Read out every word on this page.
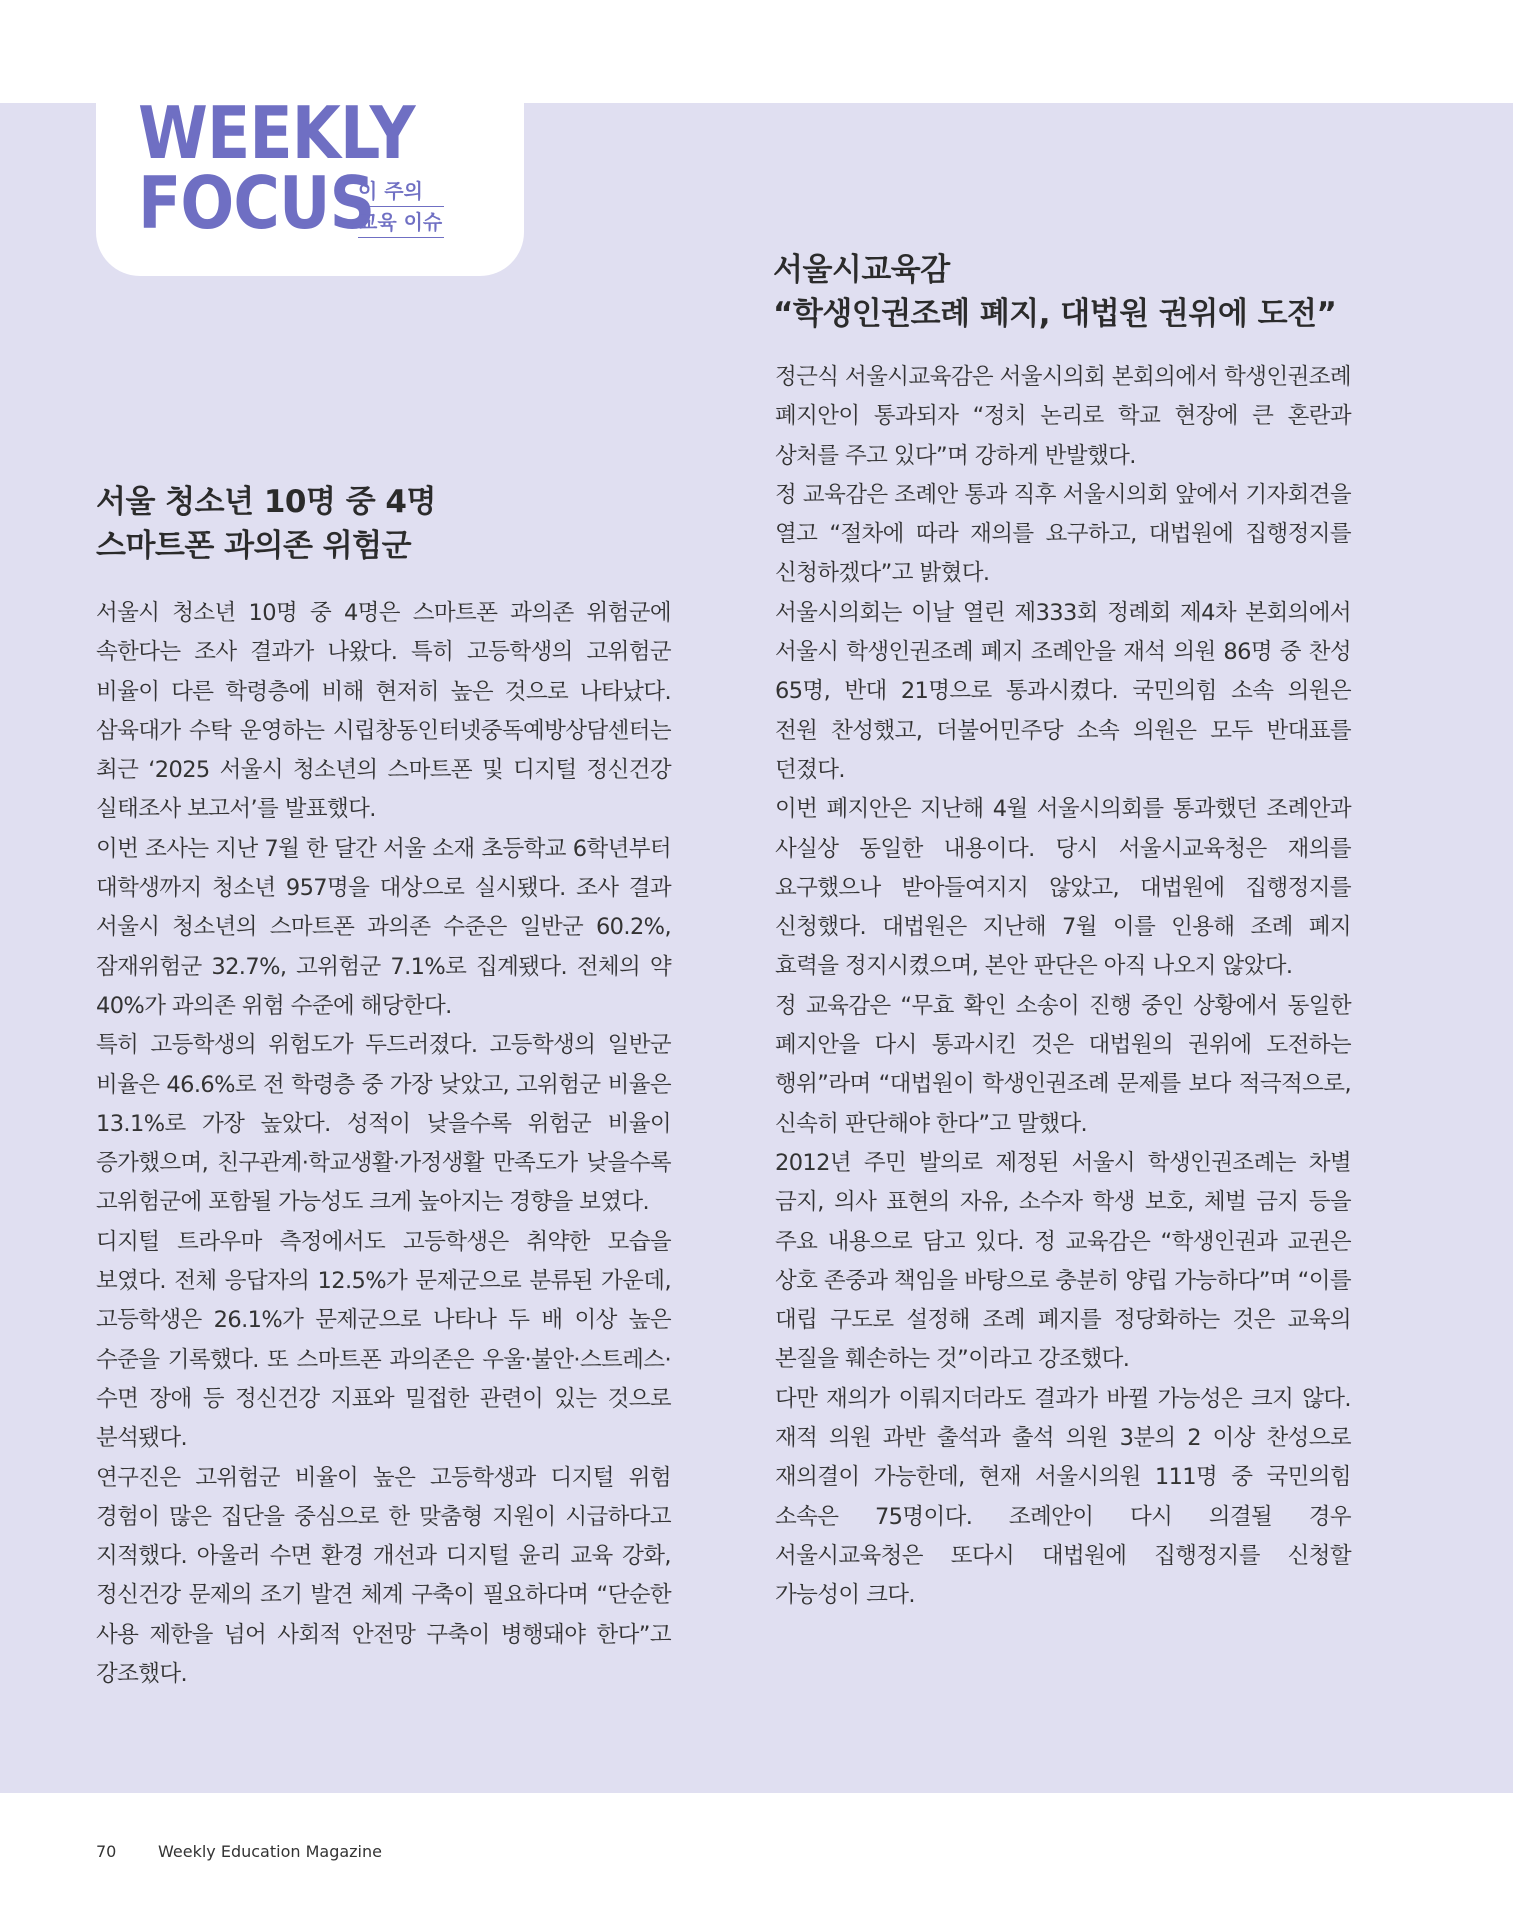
WEEKLY
FOCUS
이 주의
교육 이슈
서울 청소년 10명 중 4명
스마트폰 과의존 위험군

서울시 청소년 10명 중 4명은 스마트폰 과의존 위험군에 속한다는 조사 결과가 나왔다. 특히 고등학생의 고위험군 비율이 다른 학령층에 비해 현저히 높은 것으로 나타났다. 삼육대가 수탁 운영하는 시립창동인터넷중독예방상담센터는 최근 ‘2025 서울시 청소년의 스마트폰 및 디지털 정신건강 실태조사 보고서’를 발표했다.

이번 조사는 지난 7월 한 달간 서울 소재 초등학교 6학년부터 대학생까지 청소년 957명을 대상으로 실시됐다. 조사 결과 서울시 청소년의 스마트폰 과의존 수준은 일반군 60.2%, 잠재위험군 32.7%, 고위험군 7.1%로 집계됐다. 전체의 약 40%가 과의존 위험 수준에 해당한다.

특히 고등학생의 위험도가 두드러졌다. 고등학생의 일반군 비율은 46.6%로 전 학령층 중 가장 낮았고, 고위험군 비율은 13.1%로 가장 높았다. 성적이 낮을수록 위험군 비율이 증가했으며, 친구관계·학교생활·가정생활 만족도가 낮을수록 고위험군에 포함될 가능성도 크게 높아지는 경향을 보였다.

디지털 트라우마 측정에서도 고등학생은 취약한 모습을 보였다. 전체 응답자의 12.5%가 문제군으로 분류된 가운데, 고등학생은 26.1%가 문제군으로 나타나 두 배 이상 높은 수준을 기록했다. 또 스마트폰 과의존은 우울·불안·스트레스·수면 장애 등 정신건강 지표와 밀접한 관련이 있는 것으로 분석됐다.

연구진은 고위험군 비율이 높은 고등학생과 디지털 위험 경험이 많은 집단을 중심으로 한 맞춤형 지원이 시급하다고 지적했다. 아울러 수면 환경 개선과 디지털 윤리 교육 강화, 정신건강 문제의 조기 발견 체계 구축이 필요하다며 “단순한 사용 제한을 넘어 사회적 안전망 구축이 병행돼야 한다”고 강조했다.

서울시교육감
“학생인권조례 폐지, 대법원 권위에 도전”

정근식 서울시교육감은 서울시의회 본회의에서 학생인권조례 폐지안이 통과되자 “정치 논리로 학교 현장에 큰 혼란과 상처를 주고 있다”며 강하게 반발했다.

정 교육감은 조례안 통과 직후 서울시의회 앞에서 기자회견을 열고 “절차에 따라 재의를 요구하고, 대법원에 집행정지를 신청하겠다”고 밝혔다.

서울시의회는 이날 열린 제333회 정례회 제4차 본회의에서 서울시 학생인권조례 폐지 조례안을 재석 의원 86명 중 찬성 65명, 반대 21명으로 통과시켰다. 국민의힘 소속 의원은 전원 찬성했고, 더불어민주당 소속 의원은 모두 반대표를 던졌다.

이번 폐지안은 지난해 4월 서울시의회를 통과했던 조례안과 사실상 동일한 내용이다. 당시 서울시교육청은 재의를 요구했으나 받아들여지지 않았고, 대법원에 집행정지를 신청했다. 대법원은 지난해 7월 이를 인용해 조례 폐지 효력을 정지시켰으며, 본안 판단은 아직 나오지 않았다.

정 교육감은 “무효 확인 소송이 진행 중인 상황에서 동일한 폐지안을 다시 통과시킨 것은 대법원의 권위에 도전하는 행위”라며 “대법원이 학생인권조례 문제를 보다 적극적으로, 신속히 판단해야 한다”고 말했다.

2012년 주민 발의로 제정된 서울시 학생인권조례는 차별 금지, 의사 표현의 자유, 소수자 학생 보호, 체벌 금지 등을 주요 내용으로 담고 있다. 정 교육감은 “학생인권과 교권은 상호 존중과 책임을 바탕으로 충분히 양립 가능하다”며 “이를 대립 구도로 설정해 조례 폐지를 정당화하는 것은 교육의 본질을 훼손하는 것”이라고 강조했다.

다만 재의가 이뤄지더라도 결과가 바뀔 가능성은 크지 않다. 재적 의원 과반 출석과 출석 의원 3분의 2 이상 찬성으로 재의결이 가능한데, 현재 서울시의원 111명 중 국민의힘 소속은 75명이다. 조례안이 다시 의결될 경우 서울시교육청은 또다시 대법원에 집행정지를 신청할 가능성이 크다.

70	Weekly Education Magazine
